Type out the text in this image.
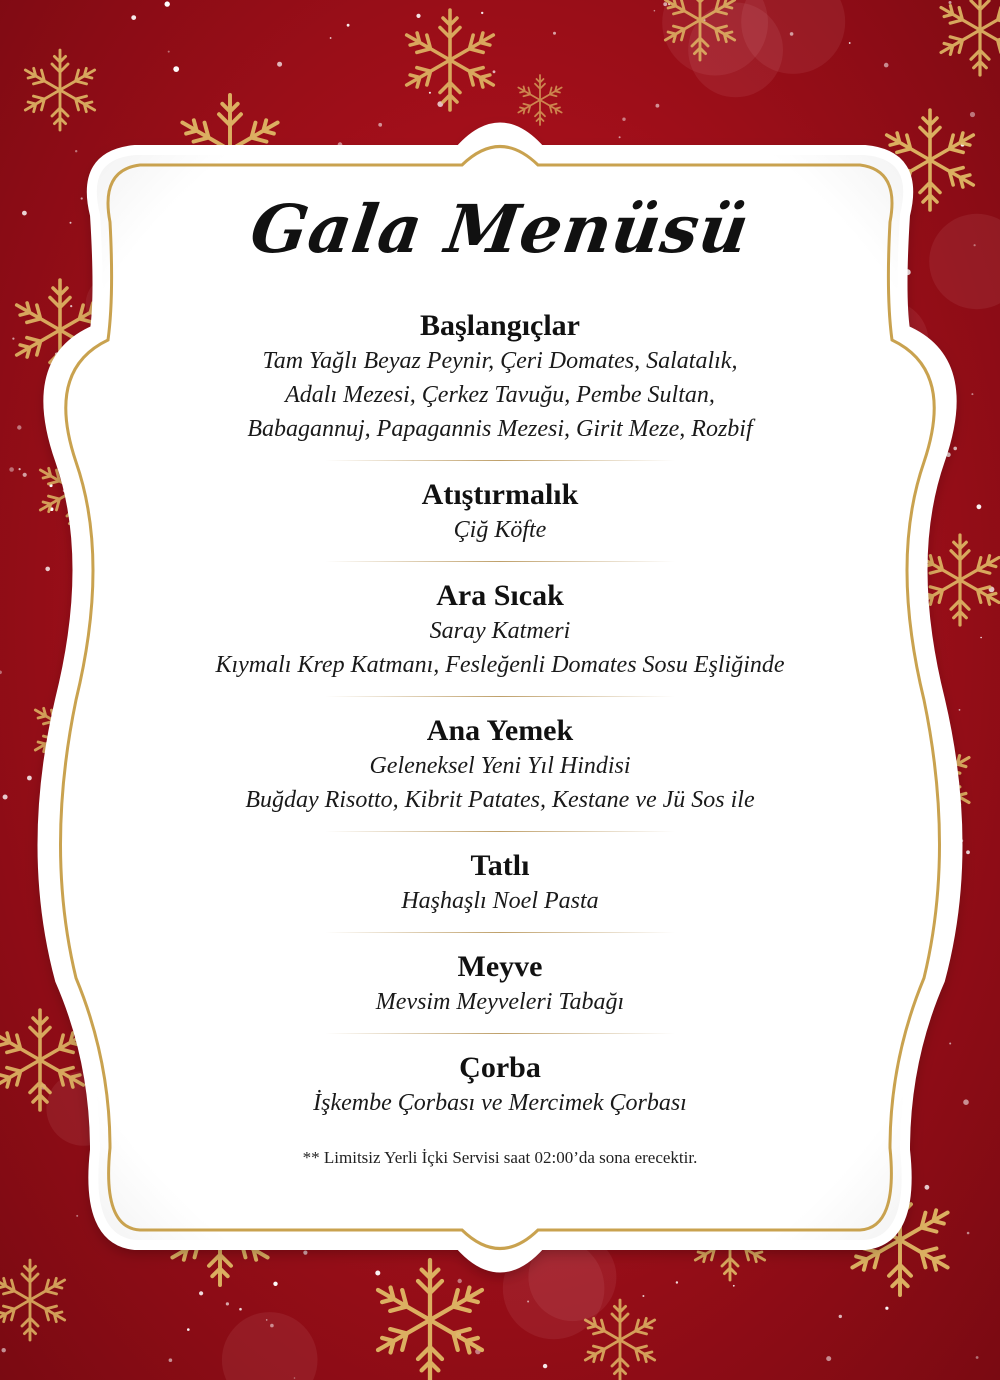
Gala Menüsü
Başlangıçlar
Tam Yağlı Beyaz Peynir, Çeri Domates, Salatalık,
Adalı Mezesi, Çerkez Tavuğu, Pembe Sultan,
Babagannuj, Papagannis Mezesi, Girit Meze, Rozbif
Atıştırmalık
Çiğ Köfte
Ara Sıcak
Saray Katmeri
Kıymalı Krep Katmanı, Fesleğenli Domates Sosu Eşliğinde
Ana Yemek
Geleneksel Yeni Yıl Hindisi
Buğday Risotto, Kibrit Patates, Kestane ve Jü Sos ile
Tatlı
Haşhaşlı Noel Pasta
Meyve
Mevsim Meyveleri Tabağı
Çorba
İşkembe Çorbası ve Mercimek Çorbası
** Limitsiz Yerli İçki Servisi saat 02:00’da sona erecektir.
